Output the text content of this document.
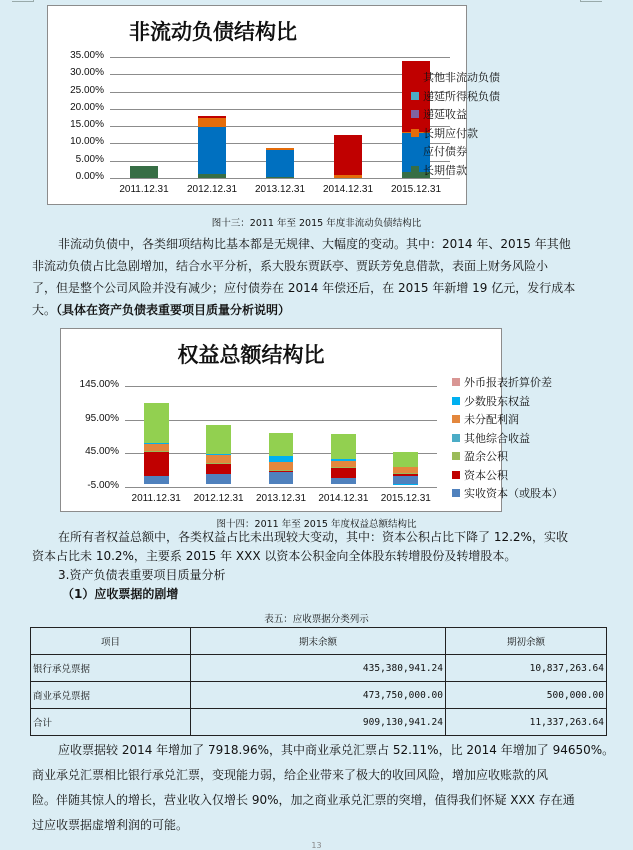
非流动负债结构比
35.00%
30.00%
25.00%
20.00%
15.00%
10.00%
5.00%
0.00%
2011.12.31	2012.12.31	2013.12.31	2014.12.31	2015.12.31
其他非流动负债
递延所得税负债
递延收益
长期应付款
应付债券
长期借款
图十三：2011 年至 2015 年度非流动负债结构比
非流动负债中，各类细项结构比基本都是无规律、大幅度的变动。其中：2014 年、2015 年其他
非流动负债占比急剧增加，结合水平分析，系大股东贾跃亭、贾跃芳免息借款，表面上财务风险小
了，但是整个公司风险并没有减少；应付债券在 2014 年偿还后，在 2015 年新增 19 亿元，发行成本
大。（具体在资产负债表重要项目质量分析说明）
权益总额结构比
145.00%
95.00%
45.00%
-5.00%
2011.12.31	2012.12.31	2013.12.31	2014.12.31	2015.12.31
外币报表折算价差
少数股东权益
未分配利润
其他综合收益
盈余公积
资本公积
实收资本（或股本）
图十四：2011 年至 2015 年度权益总额结构比
在所有者权益总额中，各类权益占比未出现较大变动，其中：资本公积占比下降了 12.2%，实收
资本占比未 10.2%，主要系 2015 年 XXX 以资本公积金向全体股东转增股份及转增股本。
3.资产负债表重要项目质量分析
（1）应收票据的剧增
表五：应收票据分类列示
项目	期末余额	期初余额
银行承兑票据	435,380,941.24	10,837,263.64
商业承兑票据	473,750,000.00	500,000.00
合计	909,130,941.24	11,337,263.64
应收票据较 2014 年增加了 7918.96%，其中商业承兑汇票占 52.11%，比 2014 年增加了 94650%。
商业承兑汇票相比银行承兑汇票，变现能力弱，给企业带来了极大的收回风险，增加应收账款的风
险。伴随其惊人的增长，营业收入仅增长 90%，加之商业承兑汇票的突增，值得我们怀疑 XXX 存在通
过应收票据虚增利润的可能。
13
